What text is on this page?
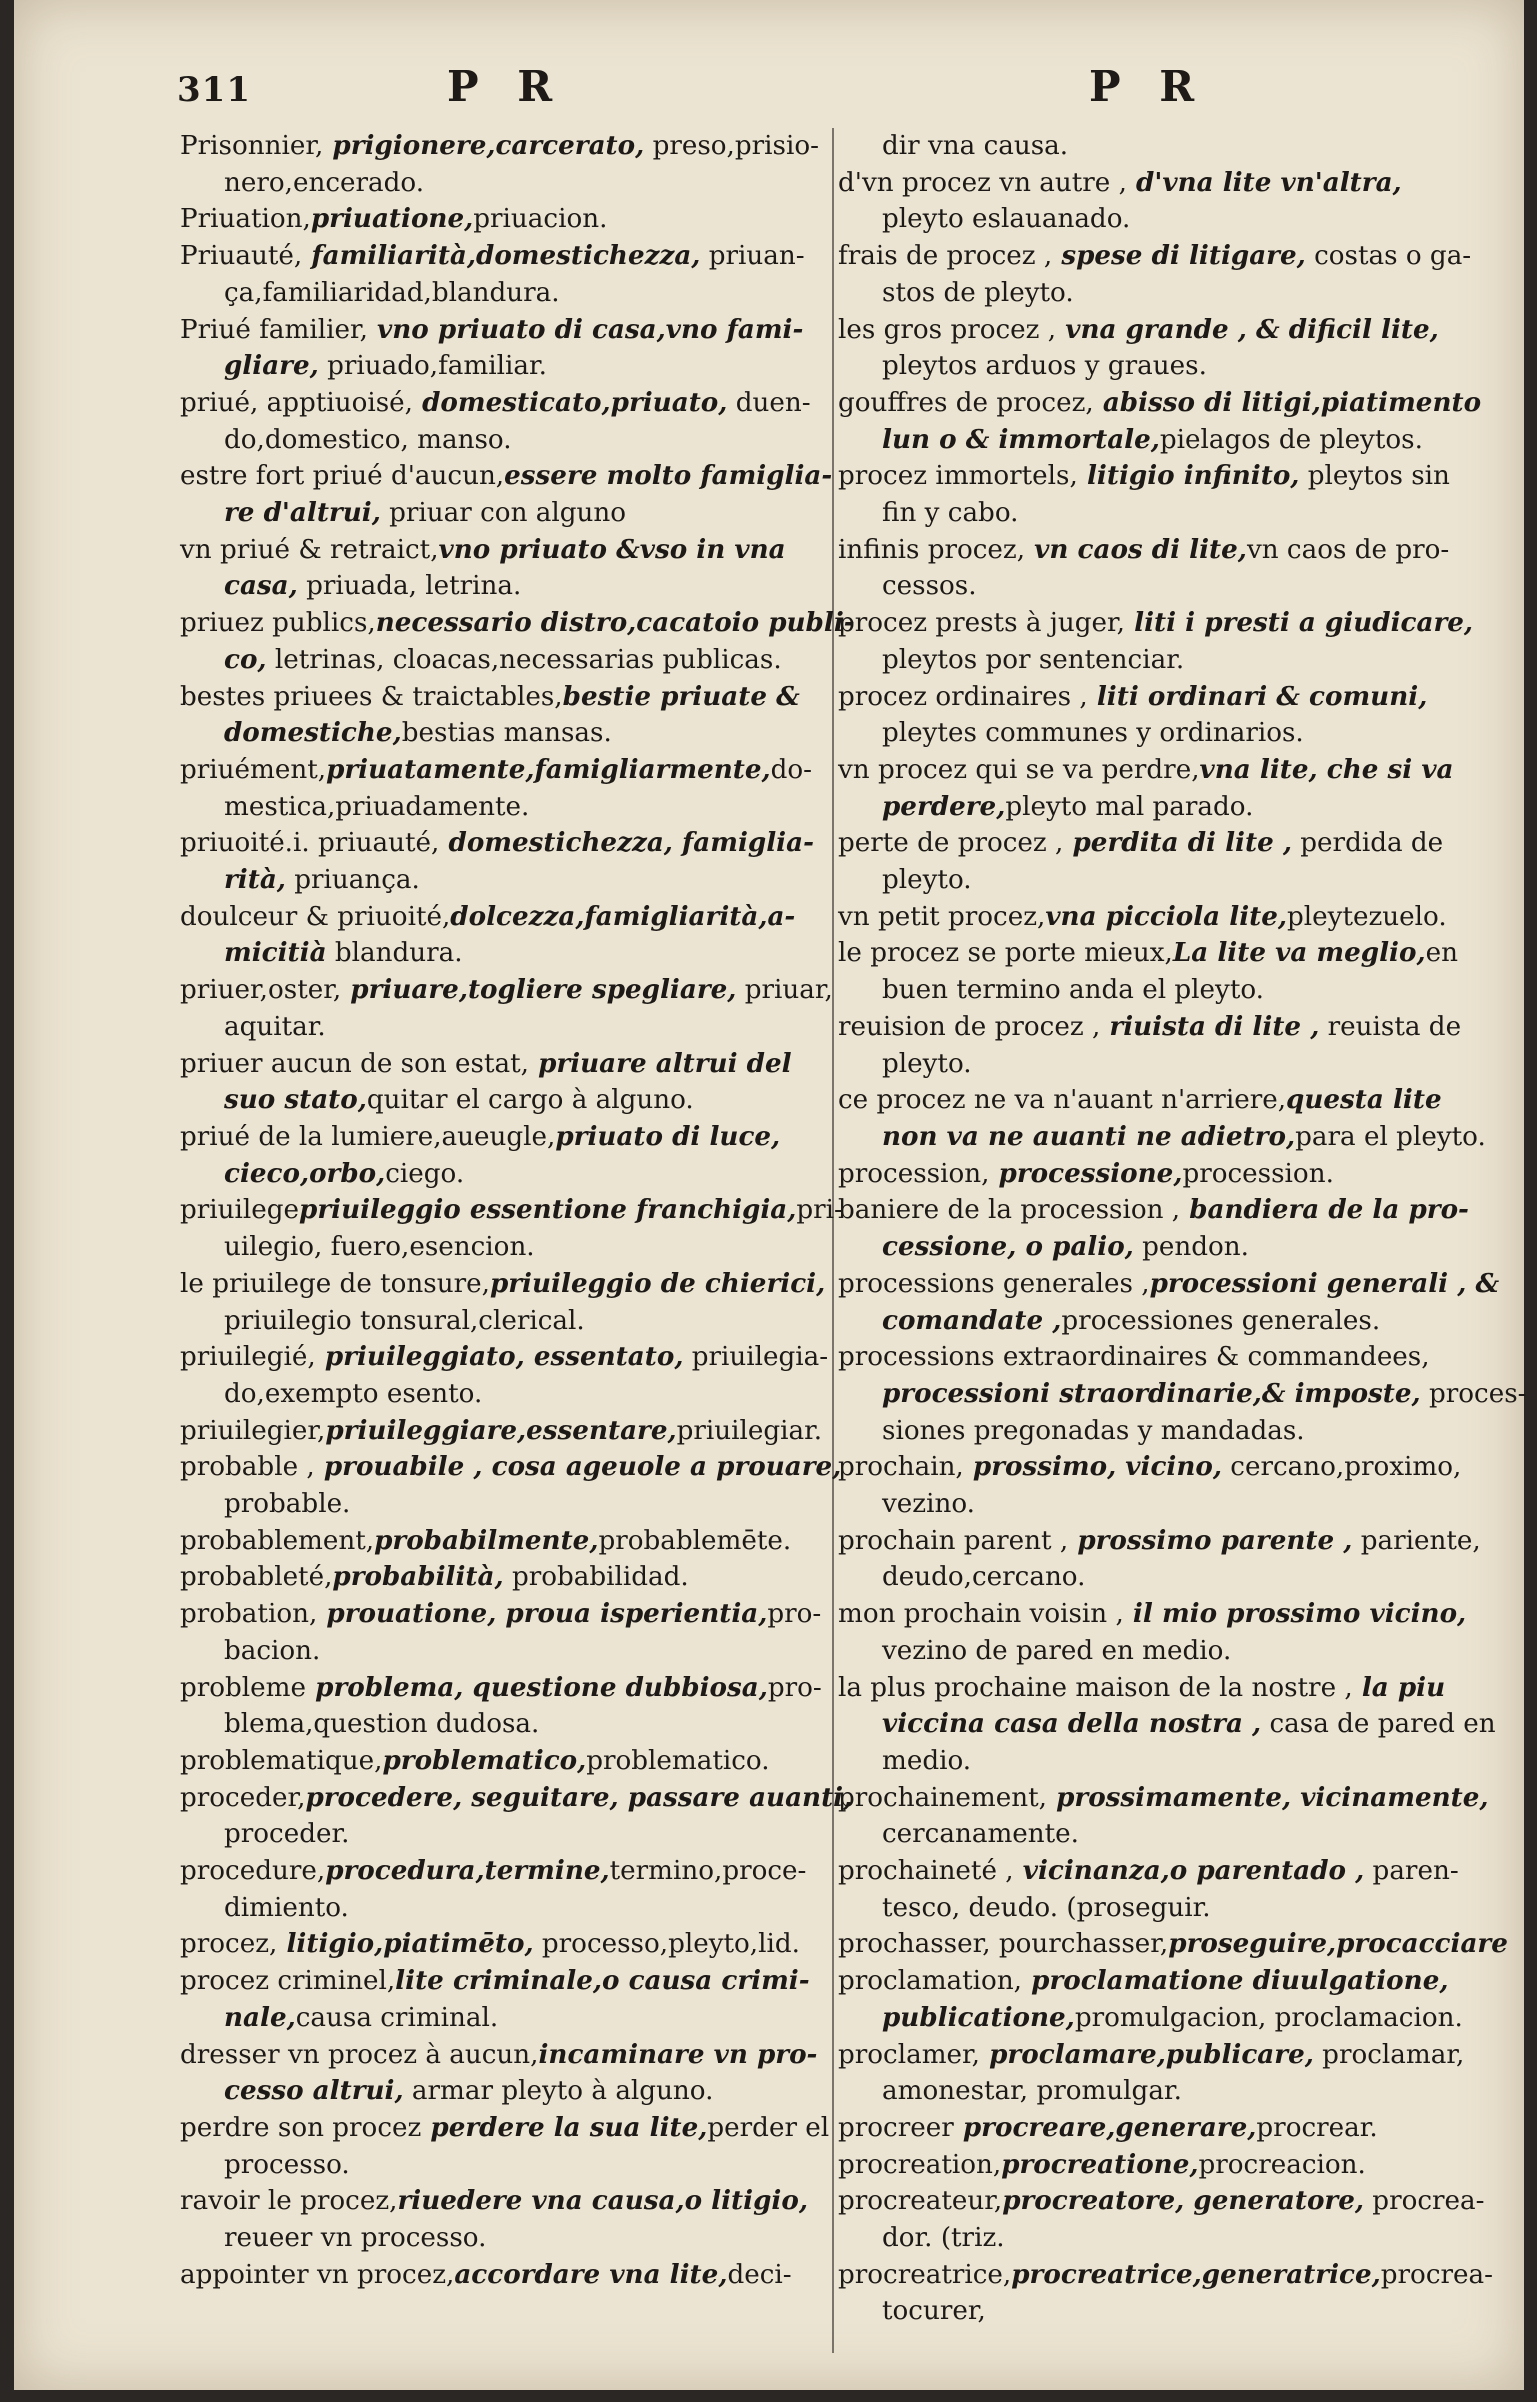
311	P R	P R

Prisonnier, prigionere,carcerato, preso,prisio-

nero,encerado.

Priuation,priuatione,priuacion.

Priuauté, familiarità,domestichezza, priuan-

ça,familiaridad,blandura.

Priué familier, vno priuato di casa,vno fami-

gliare, priuado,familiar.

priué, apptiuoisé, domesticato,priuato, duen-

do,domestico, manso.

estre fort priué d'aucun,essere molto famiglia-

re d'altrui, priuar con alguno

vn priué & retraict,vno priuato &vso in vna

casa, priuada, letrina.

priuez publics,necessario distro,cacatoio publi-

co, letrinas, cloacas,necessarias publicas.

bestes priuees & traictables,bestie priuate &

domestiche,bestias mansas.

priuément,priuatamente,famigliarmente,do-

mestica,priuadamente.

priuoité.i. priuauté, domestichezza, famiglia-

rità, priuança.

doulceur & priuoité,dolcezza,famigliarità,a-

micitià blandura.

priuer,oster, priuare,togliere spegliare, priuar,

aquitar.

priuer aucun de son estat, priuare altrui del

suo stato,quitar el cargo à alguno.

priué de la lumiere,aueugle,priuato di luce,

cieco,orbo,ciego.

priuilegepriuileggio essentione franchigia,pri-

uilegio, fuero,esencion.

le priuilege de tonsure,priuileggio de chierici,

priuilegio tonsural,clerical.

priuilegié, priuileggiato, essentato, priuilegia-

do,exempto esento.

priuilegier,priuileggiare,essentare,priuilegiar.

probable , prouabile , cosa ageuole a prouare,

probable.

probablement,probabilmente,probablemēte.

probableté,probabilità, probabilidad.

probation, prouatione, proua isperientia,pro-

bacion.

probleme problema, questione dubbiosa,pro-

blema,question dudosa.

problematique,problematico,problematico.

proceder,procedere, seguitare, passare auanti,

proceder.

procedure,procedura,termine,termino,proce-

dimiento.

procez, litigio,piatimēto, processo,pleyto,lid.

procez criminel,lite criminale,o causa crimi-

nale,causa criminal.

dresser vn procez à aucun,incaminare vn pro-

cesso altrui, armar pleyto à alguno.

perdre son procez perdere la sua lite,perder el

processo.

ravoir le procez,riuedere vna causa,o litigio,

reueer vn processo.

appointer vn procez,accordare vna lite,deci-

dir vna causa.

d'vn procez vn autre , d'vna lite vn'altra,

pleyto eslauanado.

frais de procez , spese di litigare, costas o ga-

stos de pleyto.

les gros procez , vna grande , & dificil lite,

pleytos arduos y graues.

gouffres de procez, abisso di litigi,piatimento

lun o & immortale,pielagos de pleytos.

procez immortels, litigio infinito, pleytos sin

fin y cabo.

infinis procez, vn caos di lite,vn caos de pro-

cessos.

procez prests à juger, liti i presti a giudicare,

pleytos por sentenciar.

procez ordinaires , liti ordinari & comuni,

pleytes communes y ordinarios.

vn procez qui se va perdre,vna lite, che si va

perdere,pleyto mal parado.

perte de procez , perdita di lite , perdida de

pleyto.

vn petit procez,vna picciola lite,pleytezuelo.

le procez se porte mieux,La lite va meglio,en

buen termino anda el pleyto.

reuision de procez , riuista di lite , reuista de

pleyto.

ce procez ne va n'auant n'arriere,questa lite

non va ne auanti ne adietro,para el pleyto.

procession, processione,procession.

baniere de la procession , bandiera de la pro-

cessione, o palio, pendon.

processions generales ,processioni generali , &

comandate ,processiones generales.

processions extraordinaires & commandees,

processioni straordinarie,& imposte, proces-

siones pregonadas y mandadas.

prochain, prossimo, vicino, cercano,proximo,

vezino.

prochain parent , prossimo parente , pariente,

deudo,cercano.

mon prochain voisin , il mio prossimo vicino,

vezino de pared en medio.

la plus prochaine maison de la nostre , la piu

viccina casa della nostra , casa de pared en

medio.

prochainement, prossimamente, vicinamente,

cercanamente.

prochaineté , vicinanza,o parentado , paren-

tesco, deudo. (proseguir.

prochasser, pourchasser,proseguire,procacciare

proclamation, proclamatione diuulgatione,

publicatione,promulgacion, proclamacion.

proclamer, proclamare,publicare, proclamar,

amonestar, promulgar.

procreer procreare,generare,procrear.

procreation,procreatione,procreacion.

procreateur,procreatore, generatore, procrea-

dor. (triz.

procreatrice,procreatrice,generatrice,procrea-

tocurer,
